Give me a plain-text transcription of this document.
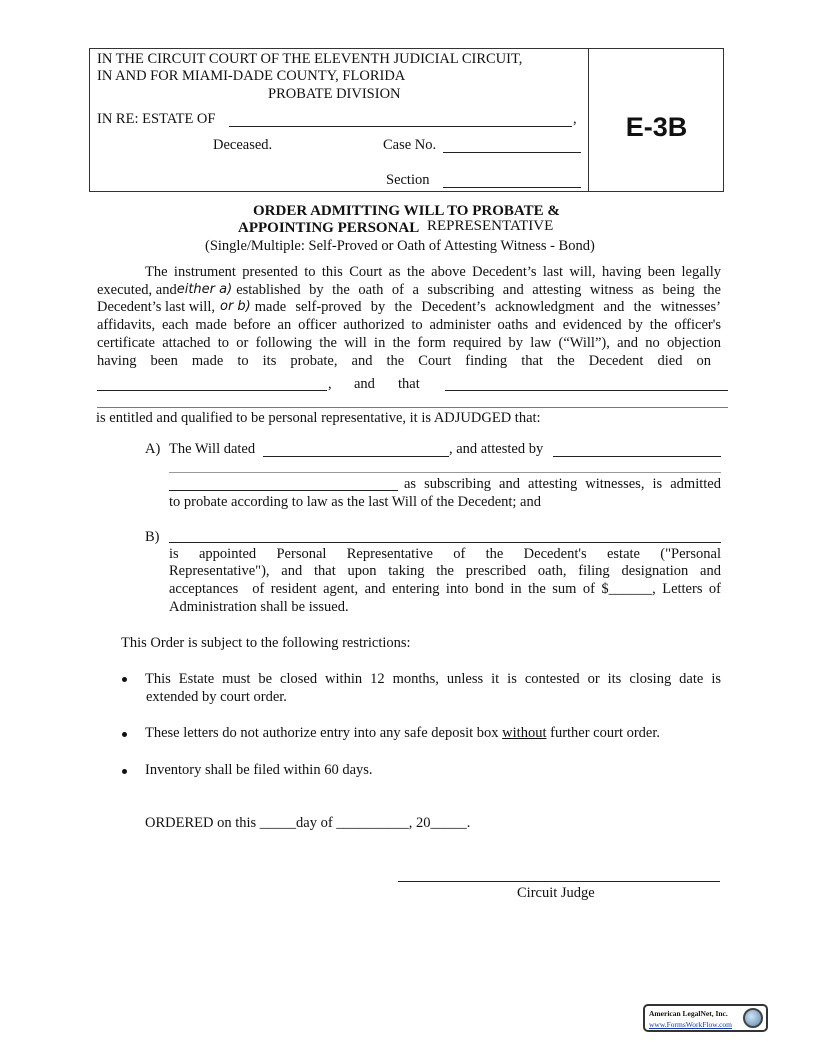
IN THE CIRCUIT COURT OF THE ELEVENTH JUDICIAL CIRCUIT,
IN AND FOR MIAMI-DADE COUNTY, FLORIDA
PROBATE DIVISION
IN RE: ESTATE OF	,
Deceased.	Case No.
Section
E-3B
ORDER ADMITTING WILL TO PROBATE &
APPOINTING PERSONAL REPRESENTATIVE
(Single/Multiple: Self-Proved or Oath of Attesting Witness - Bond)
The instrument presented to this Court as the above Decedent’s last will, having been legally
executed, and either a) established by the oath of a subscribing and attesting witness as being the
Decedent’s last will, or b) made self-proved by the Decedent’s acknowledgment and the witnesses’
affidavits, each made before an officer authorized to administer oaths and evidenced by the officer's
certificate attached to or following the will in the form required by law (“Will”), and no objection
having been made to its probate, and the Court finding that the Decedent died on
, and that
is entitled and qualified to be personal representative, it is ADJUDGED that:
A) The Will dated	, and attested by
as subscribing and attesting witnesses, is admitted
to probate according to law as the last Will of the Decedent; and
B)
is appointed Personal Representative of the Decedent's estate ("Personal
Representative"), and that upon taking the prescribed oath, filing designation and
acceptances of resident agent, and entering into bond in the sum of $______, Letters of
Administration shall be issued.
This Order is subject to the following restrictions:
This Estate must be closed within 12 months, unless it is contested or its closing date is
extended by court order.
These letters do not authorize entry into any safe deposit box without further court order.
Inventory shall be filed within 60 days.
ORDERED on this _____day of __________, 20_____.
Circuit Judge
American LegalNet, Inc.
www.FormsWorkFlow.com
